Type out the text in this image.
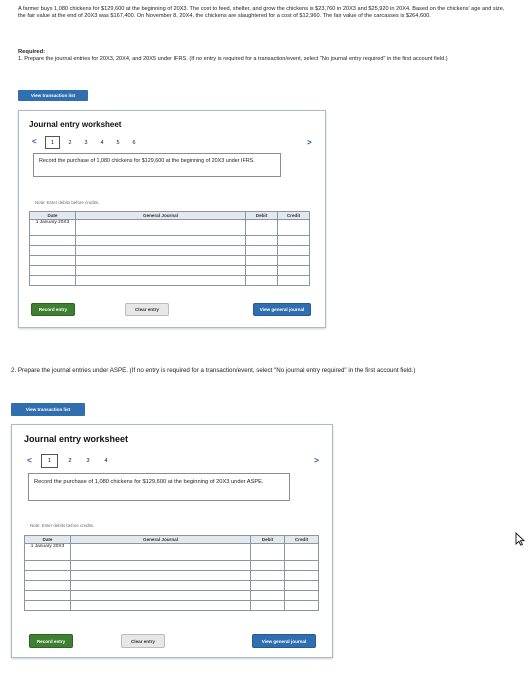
A farmer buys 1,080 chickens for $129,600 at the beginning of 20X3. The cost to feed, shelter, and grow the chickens is $23,760 in 20X3 and $25,920 in 20X4. Based on the chickens' age and size, the fair value at the end of 20X3 was $167,400. On November 8, 20X4, the chickens are slaughtered for a cost of $12,960. The fair value of the carcasses is $264,600.
Required:
1. Prepare the journal entries for 20X3, 20X4, and 20X5 under IFRS. (If no entry is required for a transaction/event, select "No journal entry required" in the first account field.)
View transaction list
Journal entry worksheet
<	1	2	3	4	5	6	>
Record the purchase of 1,080 chickens for $129,600 at the beginning of 20X3 under IFRS.
Note: Enter debits before credits.
Date	General Journal	Debit	Credit
1 January 20X3			

Record entry	Clear entry	View general journal
2. Prepare the journal entries under ASPE. (If no entry is required for a transaction/event, select "No journal entry required" in the first account field.)
View transaction list
Journal entry worksheet
<	1	2	3	4	>
Record the purchase of 1,080 chickens for $129,600 at the beginning of 20X3 under ASPE.
Note: Enter debits before credits.
Date	General Journal	Debit	Credit
1 January 20X3			

Record entry	Clear entry	View general journal
